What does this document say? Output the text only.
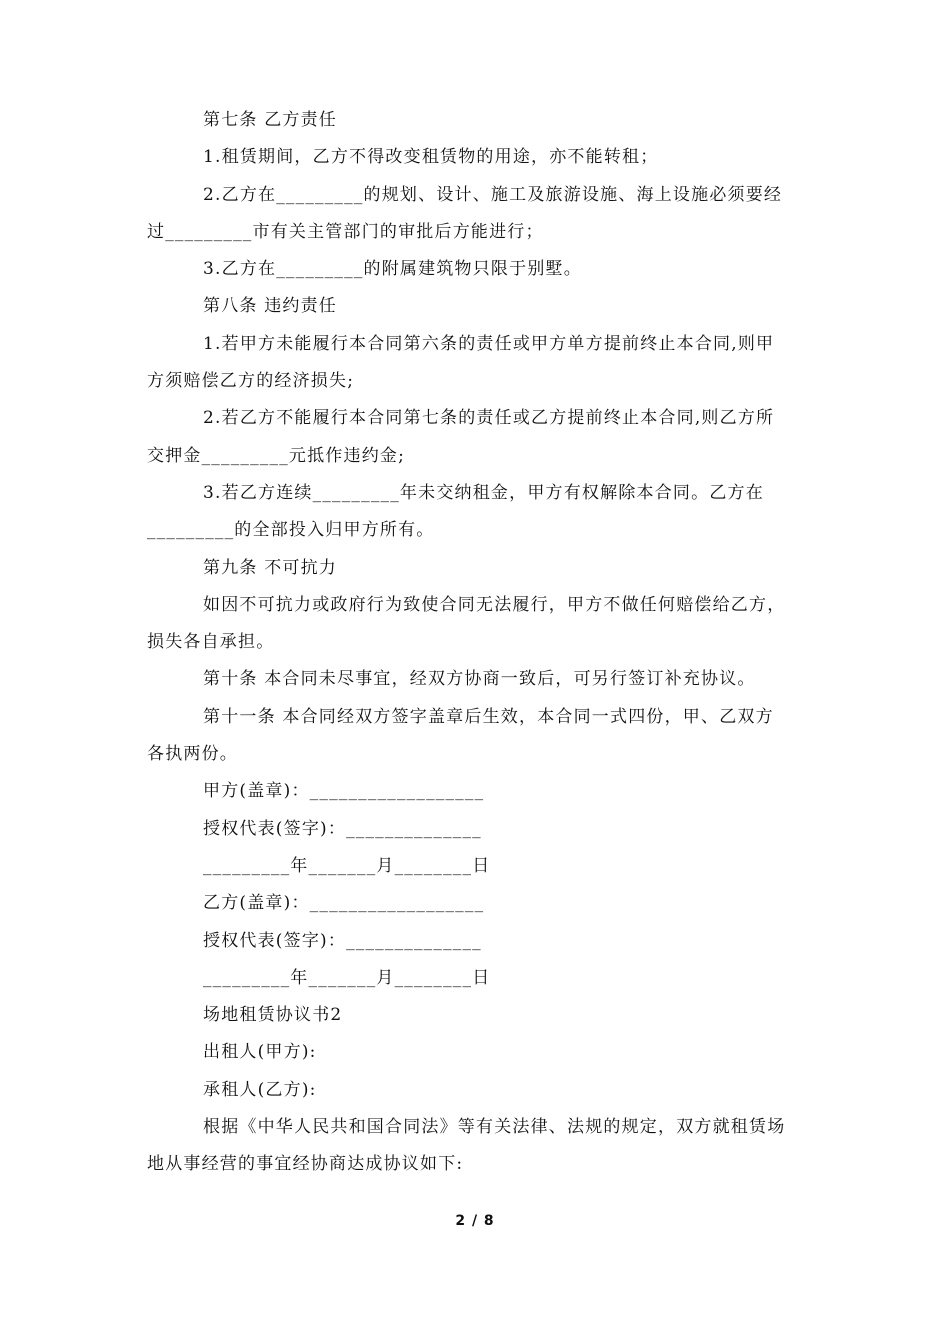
第七条 乙方责任
1.租赁期间，乙方不得改变租赁物的用途，亦不能转租；
2.乙方在_________的规划、设计、施工及旅游设施、海上设施必须要经
过_________市有关主管部门的审批后方能进行；
3.乙方在_________的附属建筑物只限于别墅。
第八条 违约责任
1.若甲方未能履行本合同第六条的责任或甲方单方提前终止本合同,则甲
方须赔偿乙方的经济损失;
2.若乙方不能履行本合同第七条的责任或乙方提前终止本合同,则乙方所
交押金_________元抵作违约金;
3.若乙方连续_________年未交纳租金，甲方有权解除本合同。乙方在
_________的全部投入归甲方所有。
第九条 不可抗力
如因不可抗力或政府行为致使合同无法履行，甲方不做任何赔偿给乙方，
损失各自承担。
第十条 本合同未尽事宜，经双方协商一致后，可另行签订补充协议。
第十一条 本合同经双方签字盖章后生效，本合同一式四份，甲、乙双方
各执两份。
甲方(盖章)：__________________
授权代表(签字)：______________
_________年_______月________日
乙方(盖章)：__________________
授权代表(签字)：______________
_________年_______月________日
场地租赁协议书2
出租人(甲方):
承租人(乙方):
根据《中华人民共和国合同法》等有关法律、法规的规定，双方就租赁场
地从事经营的事宜经协商达成协议如下:
2 / 8
